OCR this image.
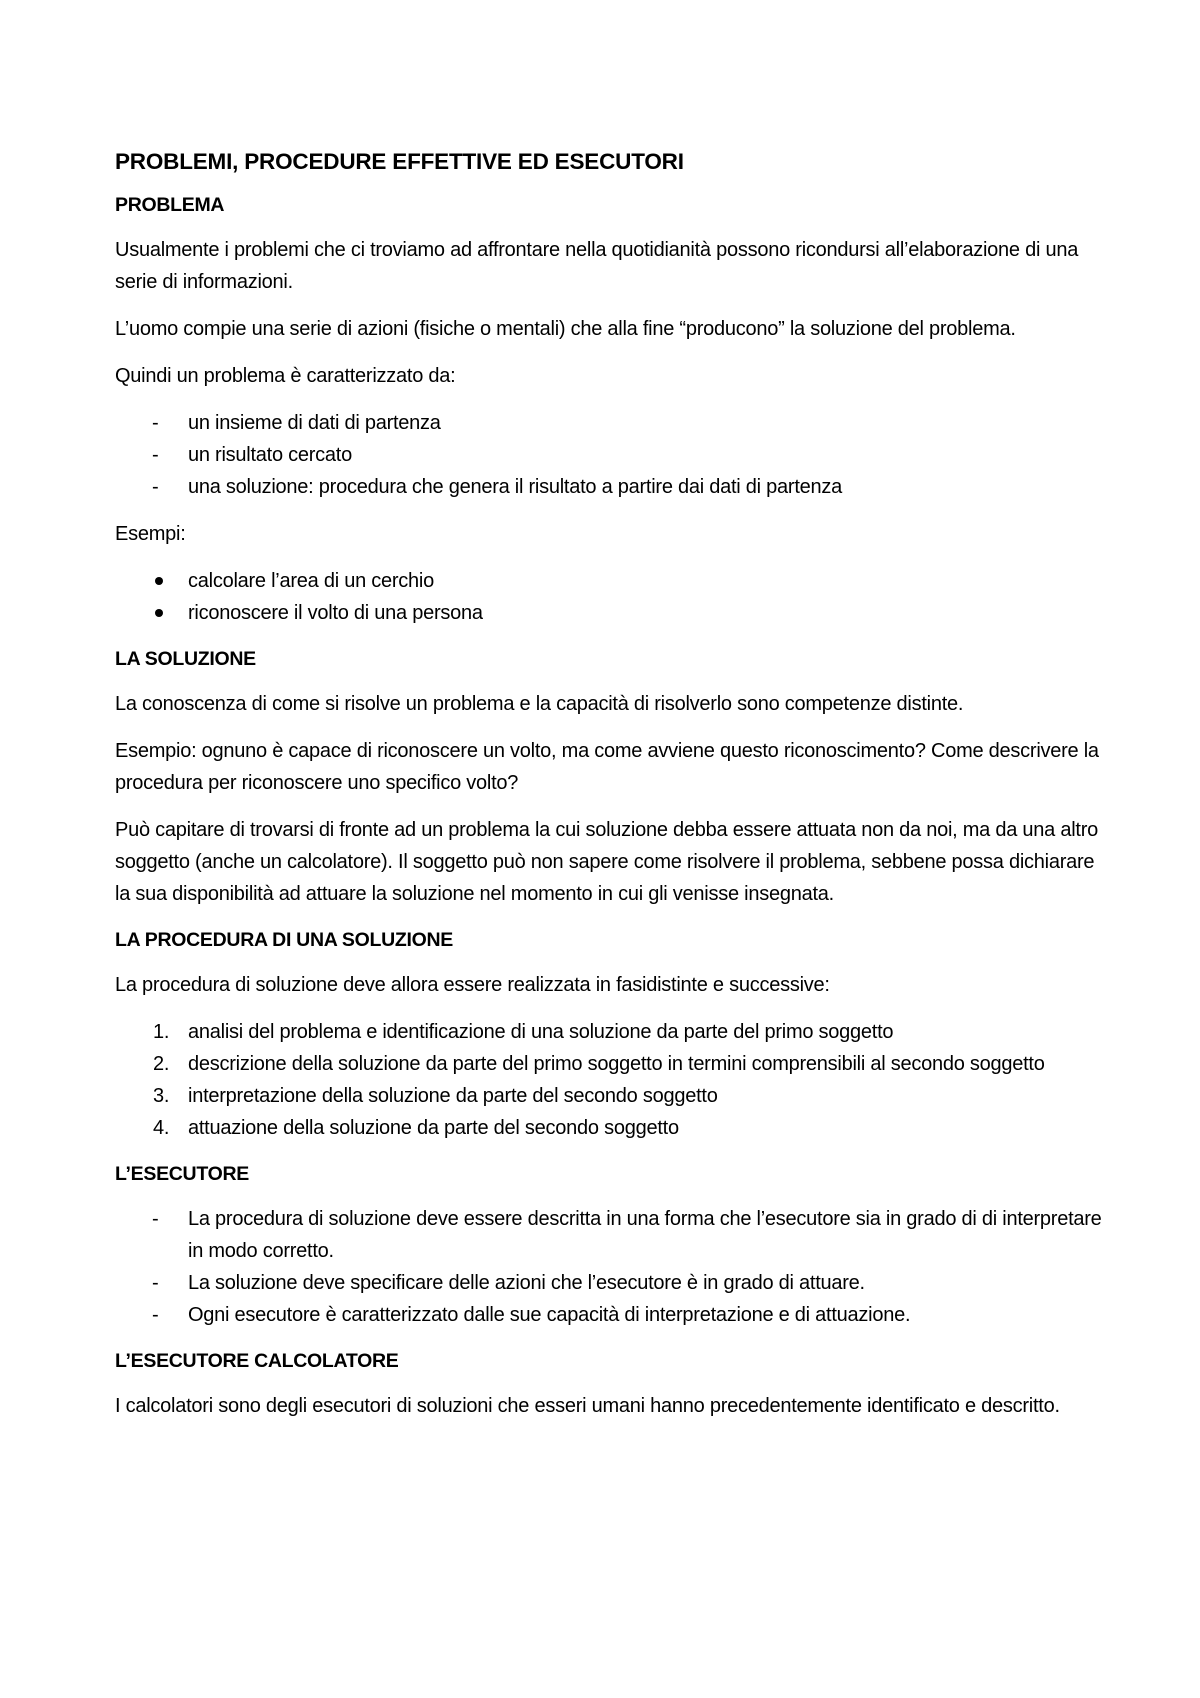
PROBLEMI, PROCEDURE EFFETTIVE ED ESECUTORI
PROBLEMA

Usualmente i problemi che ci troviamo ad affrontare nella quotidianità possono ricondursi all’elaborazione di una serie di informazioni.

L’uomo compie una serie di azioni (fisiche o mentali) che alla fine “producono” la soluzione del problema.

Quindi un problema è caratterizzato da:

- un insieme di dati di partenza
- un risultato cercato
- una soluzione: procedura che genera il risultato a partire dai dati di partenza

Esempi:

calcolare l’area di un cerchio
riconoscere il volto di una persona
LA SOLUZIONE

La conoscenza di come si risolve un problema e la capacità di risolverlo sono competenze distinte.

Esempio: ognuno è capace di riconoscere un volto, ma come avviene questo riconoscimento? Come descrivere la procedura per riconoscere uno specifico volto?

Può capitare di trovarsi di fronte ad un problema la cui soluzione debba essere attuata non da noi, ma da una altro soggetto (anche un calcolatore). Il soggetto può non sapere come risolvere il problema, sebbene possa dichiarare la sua disponibilità ad attuare la soluzione nel momento in cui gli venisse insegnata.

LA PROCEDURA DI UNA SOLUZIONE

La procedura di soluzione deve allora essere realizzata in fasidistinte e successive:

1. analisi del problema e identificazione di una soluzione da parte del primo soggetto
2. descrizione della soluzione da parte del primo soggetto in termini comprensibili al secondo soggetto
3. interpretazione della soluzione da parte del secondo soggetto
4. attuazione della soluzione da parte del secondo soggetto
L’ESECUTORE
- La procedura di soluzione deve essere descritta in una forma che l’esecutore sia in grado di di interpretare in modo corretto.
- La soluzione deve specificare delle azioni che l’esecutore è in grado di attuare.
- Ogni esecutore è caratterizzato dalle sue capacità di interpretazione e di attuazione.
L’ESECUTORE CALCOLATORE

I calcolatori sono degli esecutori di soluzioni che esseri umani hanno precedentemente identificato e descritto.
